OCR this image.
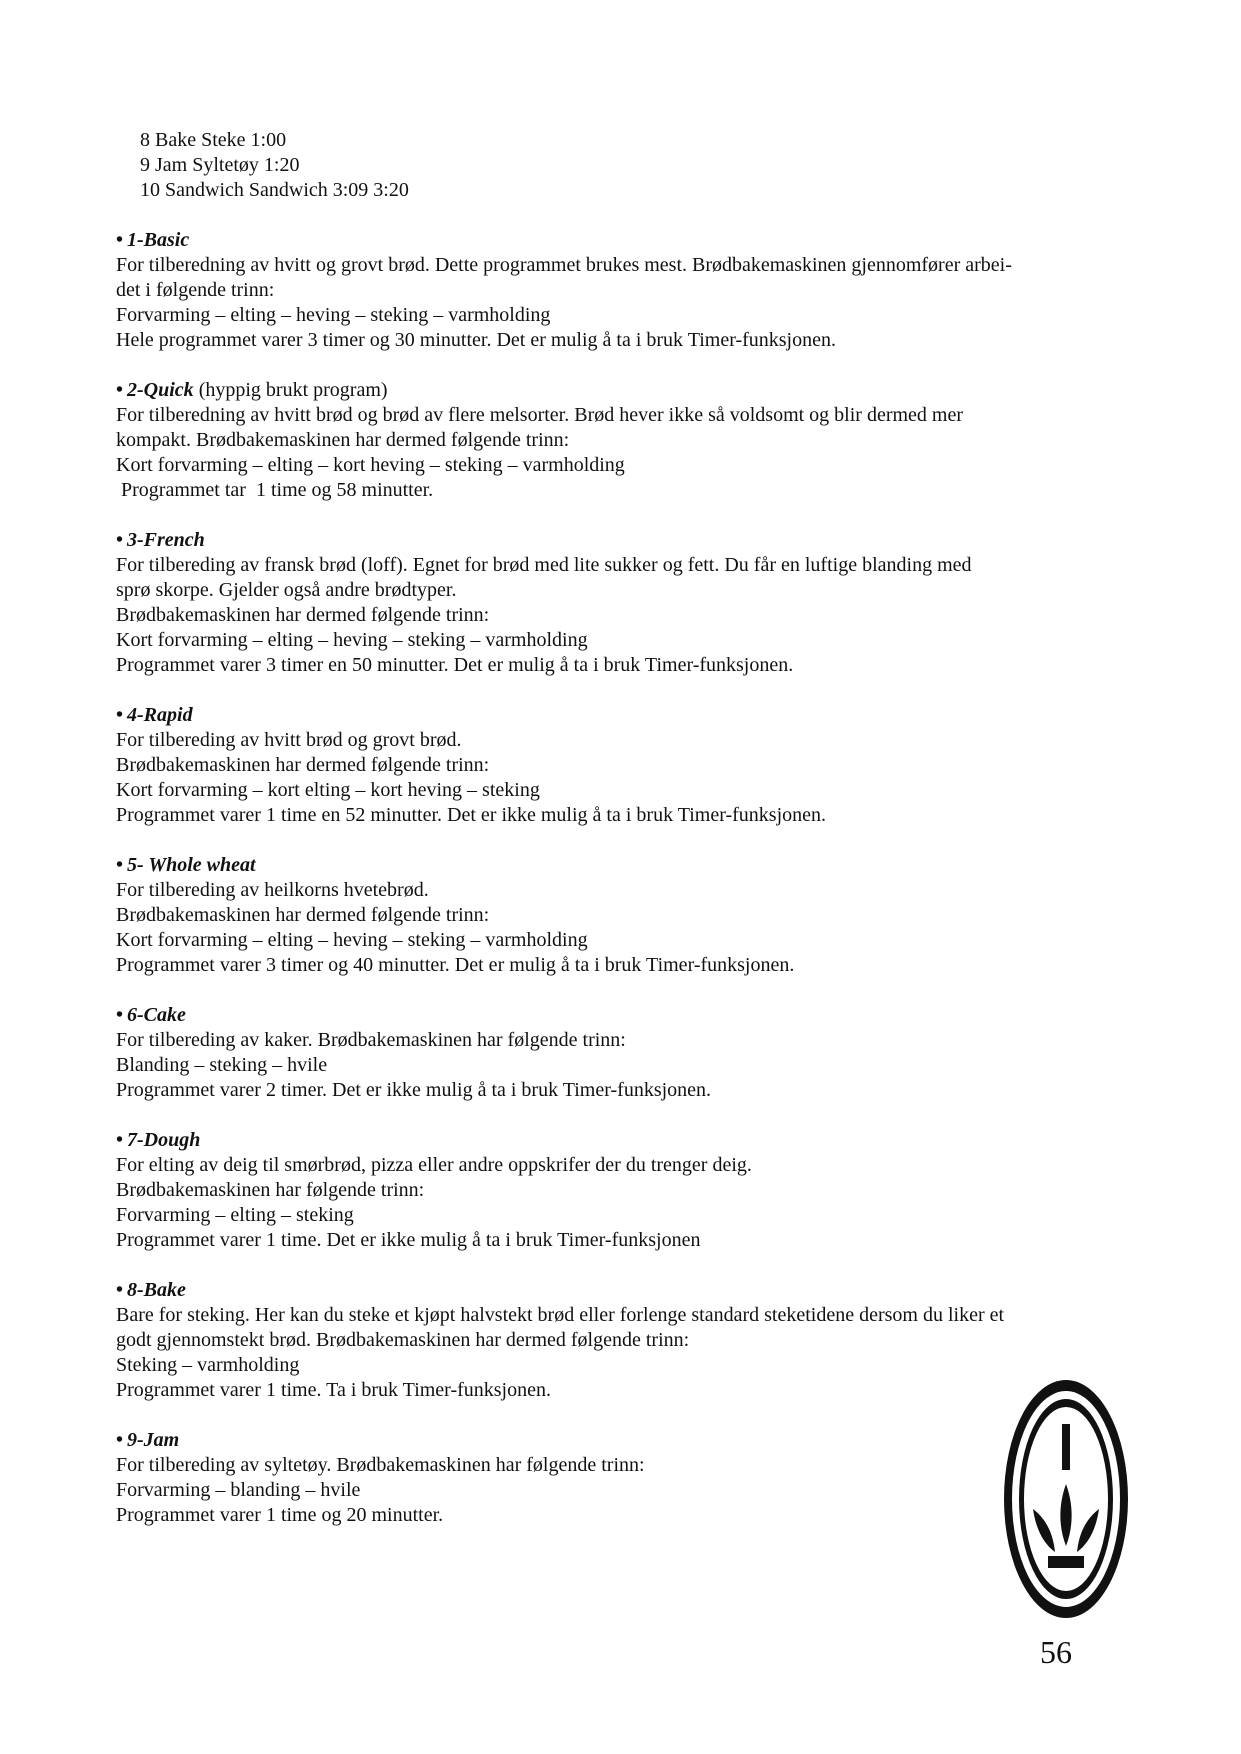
8 Bake Steke 1:00
9 Jam Syltetøy 1:20
10 Sandwich Sandwich 3:09 3:20
• 1-Basic
For tilberedning av hvitt og grovt brød. Dette programmet brukes mest. Brødbakemaskinen gjennomfører arbei-
det i følgende trinn:
Forvarming – elting – heving – steking – varmholding
Hele programmet varer 3 timer og 30 minutter. Det er mulig å ta i bruk Timer-funksjonen.
• 2-Quick (hyppig brukt program)
For tilberedning av hvitt brød og brød av flere melsorter. Brød hever ikke så voldsomt og blir dermed mer
kompakt. Brødbakemaskinen har dermed følgende trinn:
Kort forvarming – elting – kort heving – steking – varmholding
Programmet tar  1 time og 58 minutter.
• 3-French
For tilbereding av fransk brød (loff). Egnet for brød med lite sukker og fett. Du får en luftige blanding med
sprø skorpe. Gjelder også andre brødtyper.
Brødbakemaskinen har dermed følgende trinn:
Kort forvarming – elting – heving – steking – varmholding
Programmet varer 3 timer en 50 minutter. Det er mulig å ta i bruk Timer-funksjonen.
• 4-Rapid
For tilbereding av hvitt brød og grovt brød.
Brødbakemaskinen har dermed følgende trinn:
Kort forvarming – kort elting – kort heving – steking
Programmet varer 1 time en 52 minutter. Det er ikke mulig å ta i bruk Timer-funksjonen.
• 5- Whole wheat
For tilbereding av heilkorns hvetebrød.
Brødbakemaskinen har dermed følgende trinn:
Kort forvarming – elting – heving – steking – varmholding
Programmet varer 3 timer og 40 minutter. Det er mulig å ta i bruk Timer-funksjonen.
• 6-Cake
For tilbereding av kaker. Brødbakemaskinen har følgende trinn:
Blanding – steking – hvile
Programmet varer 2 timer. Det er ikke mulig å ta i bruk Timer-funksjonen.
• 7-Dough
For elting av deig til smørbrød, pizza eller andre oppskrifer der du trenger deig.
Brødbakemaskinen har følgende trinn:
Forvarming – elting – steking
Programmet varer 1 time. Det er ikke mulig å ta i bruk Timer-funksjonen
• 8-Bake
Bare for steking. Her kan du steke et kjøpt halvstekt brød eller forlenge standard steketidene dersom du liker et
godt gjennomstekt brød. Brødbakemaskinen har dermed følgende trinn:
Steking – varmholding
Programmet varer 1 time. Ta i bruk Timer-funksjonen.
• 9-Jam
For tilbereding av syltetøy. Brødbakemaskinen har følgende trinn:
Forvarming – blanding – hvile
Programmet varer 1 time og 20 minutter.
56
